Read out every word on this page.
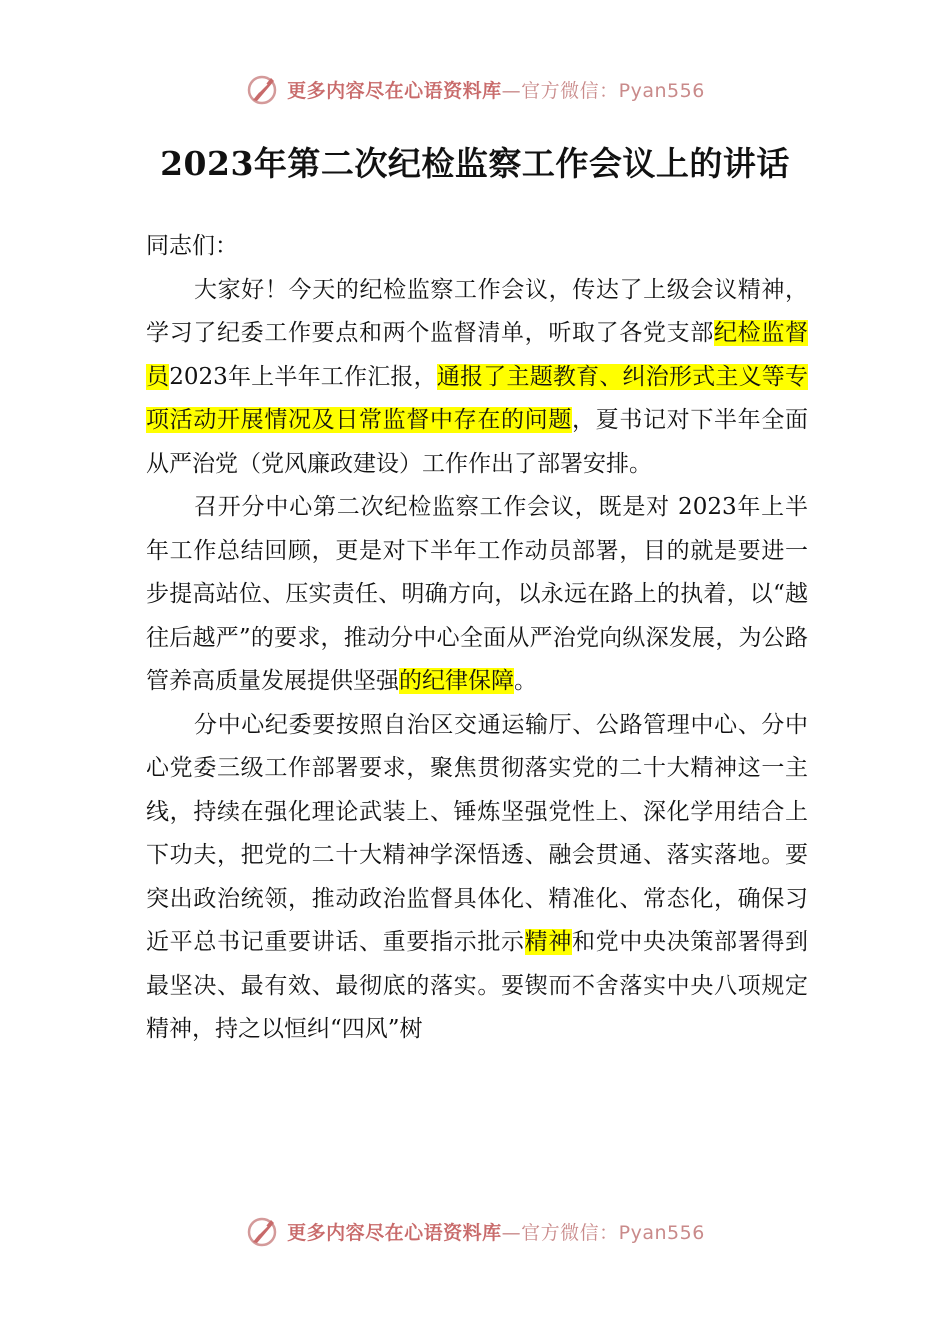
更多内容尽在心语资料库—官方微信：Pyan556
2023年第二次纪检监察工作会议上的讲话

同志们：

大家好！今天的纪检监察工作会议，传达了上级会议精神，学习了纪委工作要点和两个监督清单，听取了各党支部纪检监督员2023年上半年工作汇报，通报了主题教育、纠治形式主义等专项活动开展情况及日常监督中存在的问题，夏书记对下半年全面从严治党（党风廉政建设）工作作出了部署安排。

召开分中心第二次纪检监察工作会议，既是对 2023年上半年工作总结回顾，更是对下半年工作动员部署，目的就是要进一步提高站位、压实责任、明确方向，以永远在路上的执着，以“越往后越严”的要求，推动分中心全面从严治党向纵深发展，为公路管养高质量发展提供坚强的纪律保障。

分中心纪委要按照自治区交通运输厅、公路管理中心、分中心党委三级工作部署要求，聚焦贯彻落实党的二十大精神这一主线，持续在强化理论武装上、锤炼坚强党性上、深化学用结合上下功夫，把党的二十大精神学深悟透、融会贯通、落实落地。要突出政治统领，推动政治监督具体化、精准化、常态化，确保习近平总书记重要讲话、重要指示批示精神和党中央决策部署得到最坚决、最有效、最彻底的落实。要锲而不舍落实中央八项规定精神，持之以恒纠“四风”树

更多内容尽在心语资料库—官方微信：Pyan556
